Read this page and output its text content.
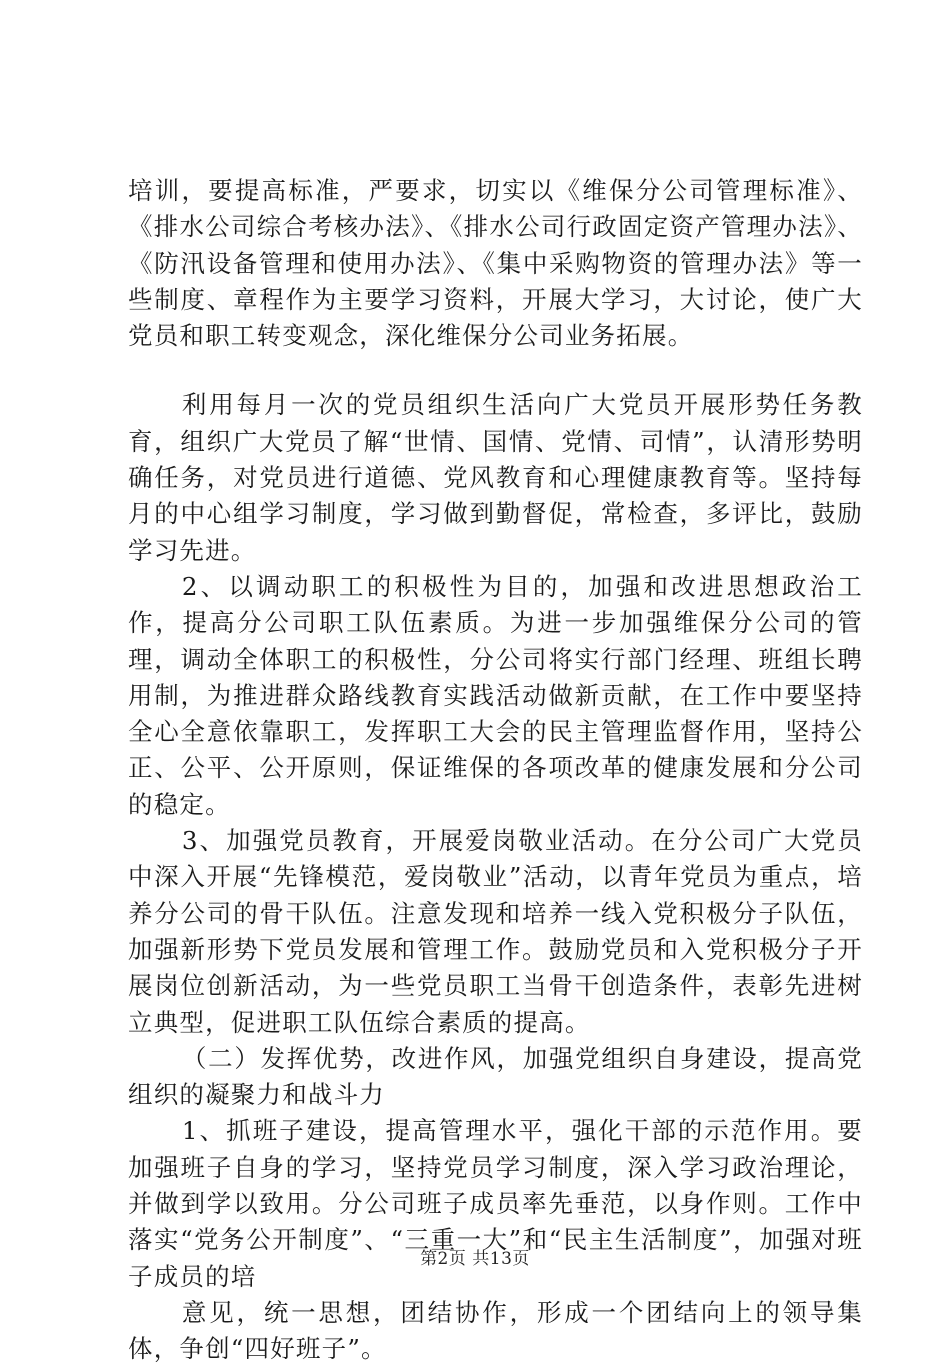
培训，要提高标准，严要求，切实以《维保分公司管理标准》、《排水公司综合考核办法》、《排水公司行政固定资产管理办法》、《防汛设备管理和使用办法》、《集中采购物资的管理办法》等一些制度、章程作为主要学习资料，开展大学习，大讨论，使广大党员和职工转变观念，深化维保分公司业务拓展。

利用每月一次的党员组织生活向广大党员开展形势任务教育，组织广大党员了解“世情、国情、党情、司情”，认清形势明确任务，对党员进行道德、党风教育和心理健康教育等。坚持每月的中心组学习制度，学习做到勤督促，常检查，多评比，鼓励学习先进。

2、以调动职工的积极性为目的，加强和改进思想政治工作，提高分公司职工队伍素质。为进一步加强维保分公司的管理，调动全体职工的积极性，分公司将实行部门经理、班组长聘用制，为推进群众路线教育实践活动做新贡献，在工作中要坚持全心全意依靠职工，发挥职工大会的民主管理监督作用，坚持公正、公平、公开原则，保证维保的各项改革的健康发展和分公司的稳定。

3、加强党员教育，开展爱岗敬业活动。在分公司广大党员中深入开展“先锋模范，爱岗敬业”活动，以青年党员为重点，培养分公司的骨干队伍。注意发现和培养一线入党积极分子队伍，加强新形势下党员发展和管理工作。鼓励党员和入党积极分子开展岗位创新活动，为一些党员职工当骨干创造条件，表彰先进树立典型，促进职工队伍综合素质的提高。

（二）发挥优势，改进作风，加强党组织自身建设，提高党组织的凝聚力和战斗力

1、抓班子建设，提高管理水平，强化干部的示范作用。要加强班子自身的学习，坚持党员学习制度，深入学习政治理论，并做到学以致用。分公司班子成员率先垂范，以身作则。工作中落实“党务公开制度”、“三重一大”和“民主生活制度”，加强对班子成员的培

意见，统一思想，团结协作，形成一个团结向上的领导集体，争创“四好班子”。

第2页 共13页
